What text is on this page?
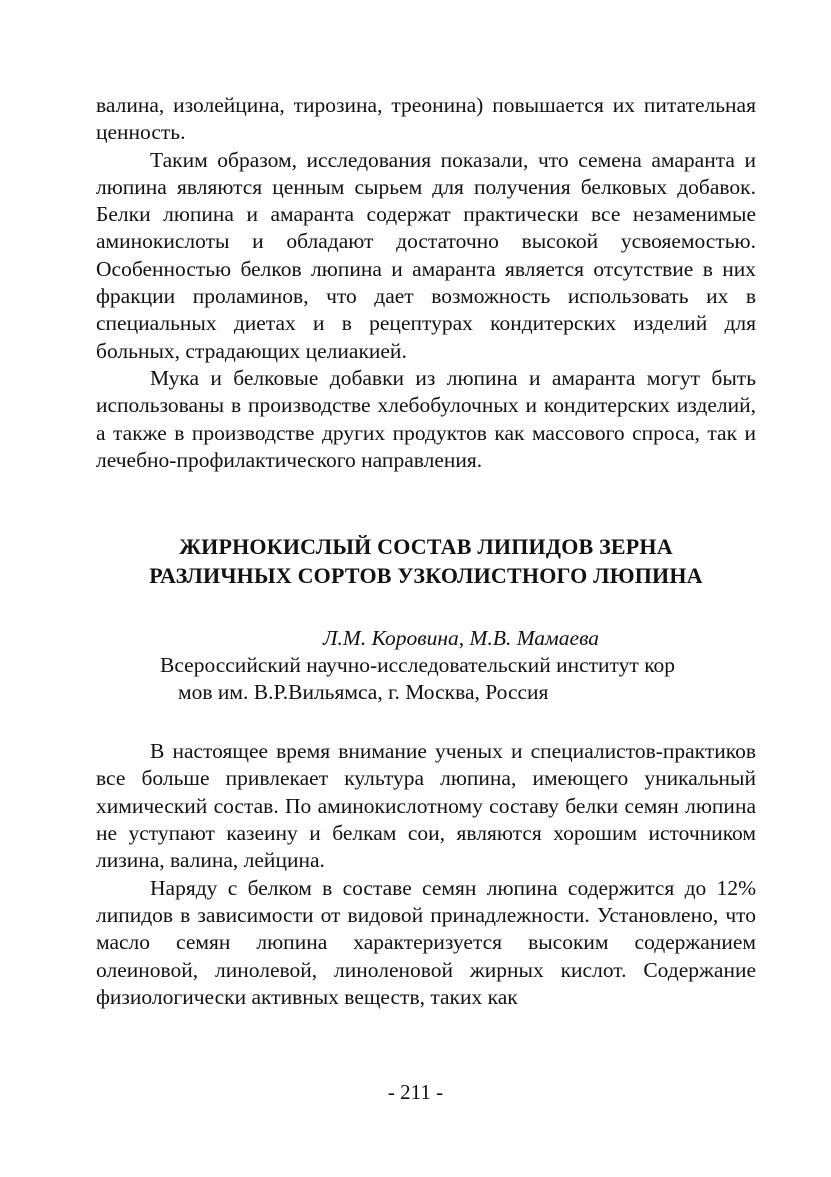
валина, изолейцина, тирозина, треонина) повышается их питательная ценность.

Таким образом, исследования показали, что семена амаранта и люпина являются ценным сырьем для получения белковых добавок. Белки люпина и амаранта содержат практически все незаменимые аминокислоты и обладают достаточно высокой усвояемостью. Особенностью белков люпина и амаранта является отсутствие в них фракции проламинов, что дает возможность использовать их в специальных диетах и в рецептурах кондитерских изделий для больных, страдающих целиакией.

Мука и белковые добавки из люпина и амаранта могут быть использованы в производстве хлебобулочных и кондитерских изделий, а также в производстве других продуктов как массового спроса, так и лечебно-профилактического направления.

ЖИРНОКИСЛЫЙ СОСТАВ ЛИПИДОВ ЗЕРНА
РАЗЛИЧНЫХ СОРТОВ УЗКОЛИСТНОГО ЛЮПИНА

Л.М. Коровина, М.В. Мамаева

Всероссийский научно-исследовательский институт кор
мов им. В.Р.Вильямса, г. Москва, Россия

В настоящее время внимание ученых и специалистов-практиков все больше привлекает культура люпина, имеющего уникальный химический состав. По аминокислотному составу белки семян люпина не уступают казеину и белкам сои, являются хорошим источником лизина, валина, лейцина.

Наряду с белком в составе семян люпина содержится до 12% липидов в зависимости от видовой принадлежности. Установлено, что масло семян люпина характеризуется высоким содержанием олеиновой, линолевой, линоленовой жирных кислот. Содержание физиологически активных веществ, таких как

- 211 -
